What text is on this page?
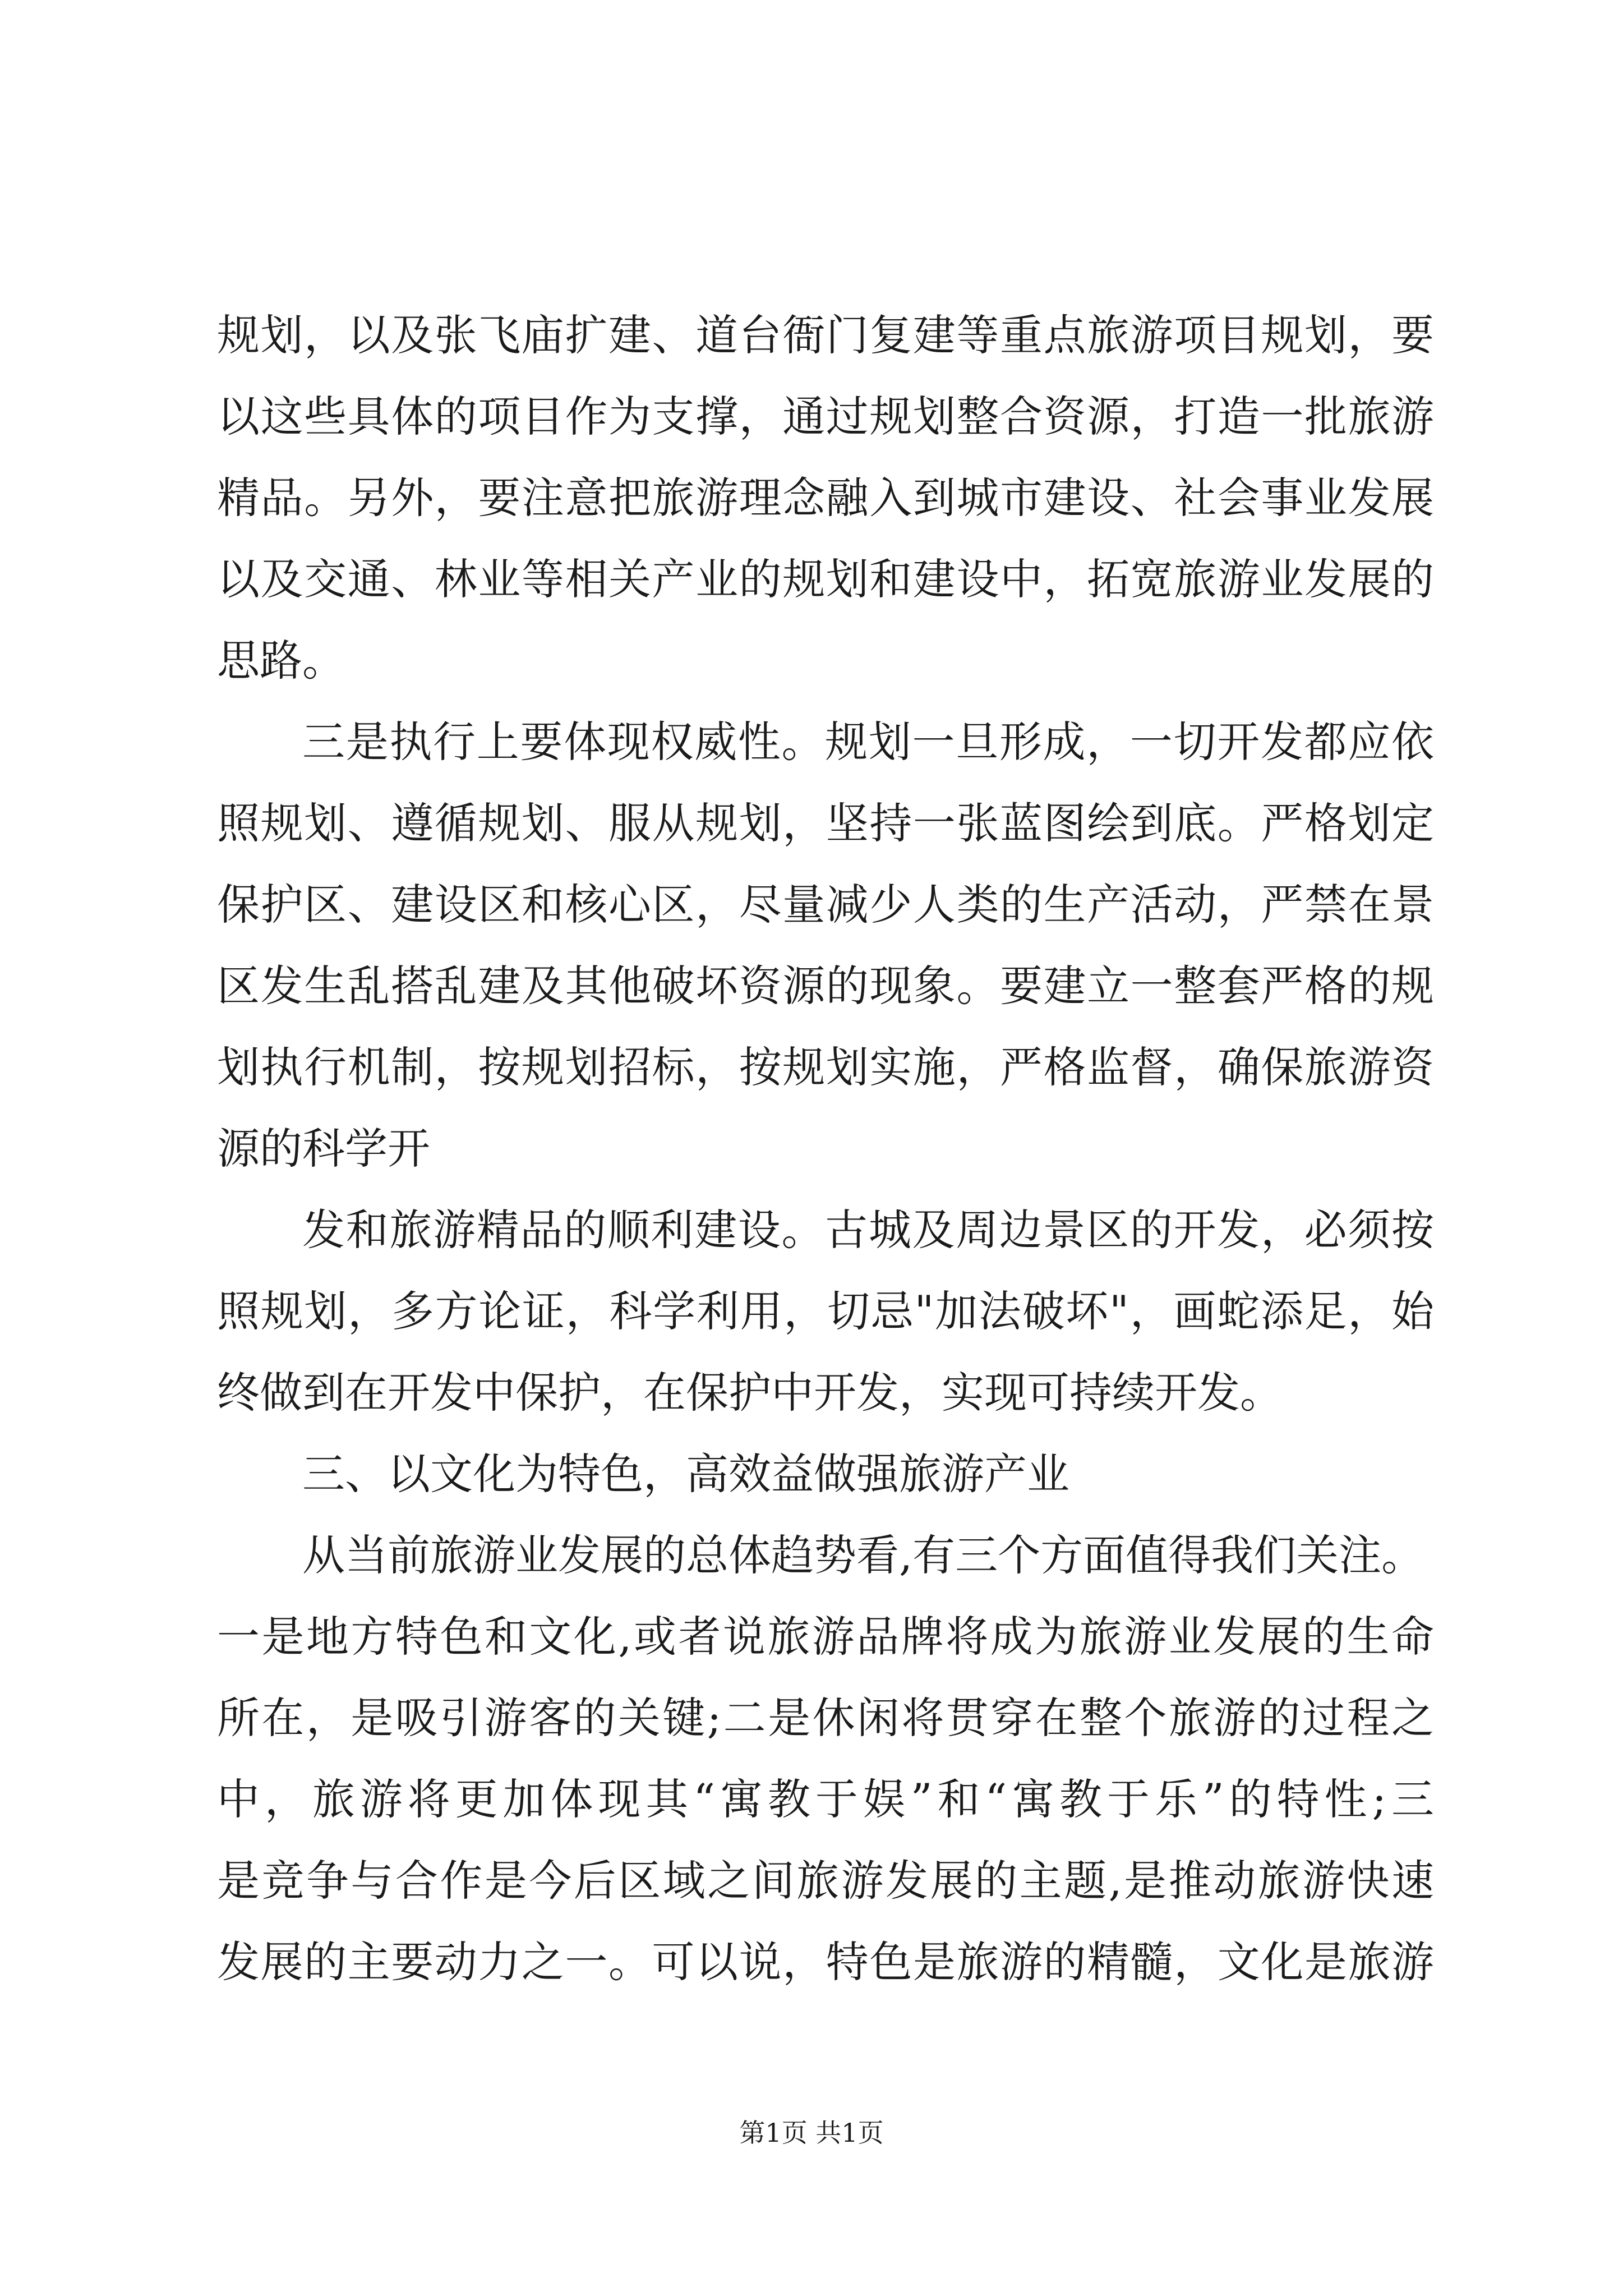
规划，以及张飞庙扩建、道台衙门复建等重点旅游项目规划，要
以这些具体的项目作为支撑，通过规划整合资源，打造一批旅游
精品。另外，要注意把旅游理念融入到城市建设、社会事业发展
以及交通、林业等相关产业的规划和建设中，拓宽旅游业发展的
思路。
三是执行上要体现权威性。规划一旦形成，一切开发都应依
照规划、遵循规划、服从规划，坚持一张蓝图绘到底。严格划定
保护区、建设区和核心区，尽量减少人类的生产活动，严禁在景
区发生乱搭乱建及其他破坏资源的现象。要建立一整套严格的规
划执行机制，按规划招标，按规划实施，严格监督，确保旅游资
源的科学开
发和旅游精品的顺利建设。古城及周边景区的开发，必须按
照规划，多方论证，科学利用，切忌"加法破坏"，画蛇添足，始
终做到在开发中保护，在保护中开发，实现可持续开发。
三、以文化为特色，高效益做强旅游产业
从当前旅游业发展的总体趋势看,有三个方面值得我们关注。
一是地方特色和文化,或者说旅游品牌将成为旅游业发展的生命
所在，是吸引游客的关键;二是休闲将贯穿在整个旅游的过程之
中，旅游将更加体现其“寓教于娱”和“寓教于乐”的特性;三
是竞争与合作是今后区域之间旅游发展的主题,是推动旅游快速
发展的主要动力之一。可以说，特色是旅游的精髓，文化是旅游
第1页 共1页
